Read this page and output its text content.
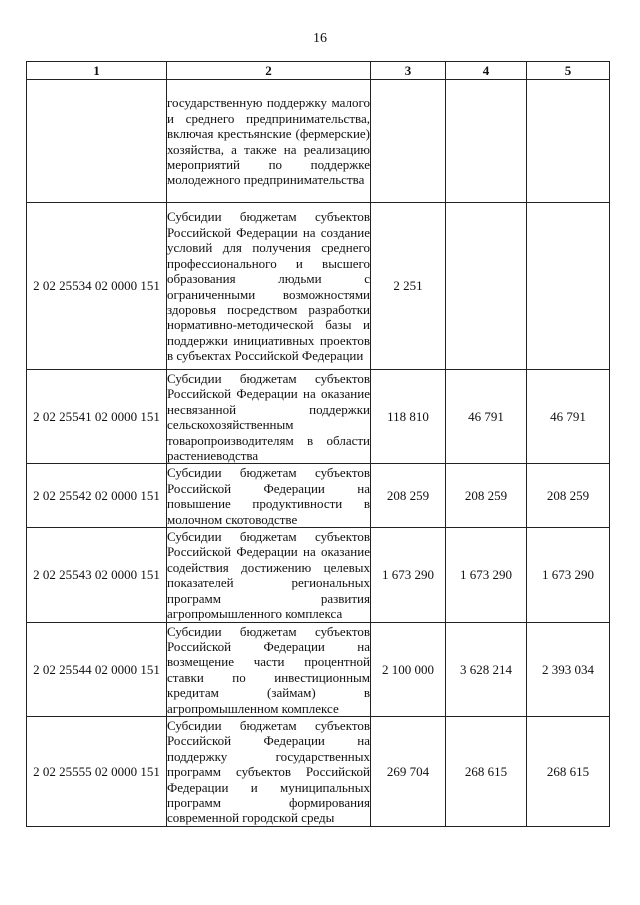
16
1	2	3	4	5

	государственную поддержку малого и среднего предпринимательства, включая крестьянские (фермерские) хозяйства, а также на реализацию мероприятий по поддержке молодежного предпринимательства			

2 02 25534 02 0000 151	Субсидии бюджетам субъектов Российской Федерации на создание условий для получения среднего профессионального и высшего образования людьми с ограниченными возможностями здоровья посредством разработки нормативно-методической базы и поддержки инициативных проектов в субъектах Российской Федерации	2 251		
2 02 25541 02 0000 151	Субсидии бюджетам субъектов Российской Федерации на оказание несвязанной поддержки сельскохозяйственным товаропроизводителям в области растениеводства	118 810	46 791	46 791
2 02 25542 02 0000 151	Субсидии бюджетам субъектов Российской Федерации на повышение продуктивности в молочном скотоводстве	208 259	208 259	208 259
2 02 25543 02 0000 151	Субсидии бюджетам субъектов Российской Федерации на оказание содействия достижению целевых показателей региональных программ развития агропромышленного комплекса	1 673 290	1 673 290	1 673 290
2 02 25544 02 0000 151	Субсидии бюджетам субъектов Российской Федерации на возмещение части процентной ставки по инвестиционным кредитам (займам) в агропромышленном комплексе	2 100 000	3 628 214	2 393 034
2 02 25555 02 0000 151	Субсидии бюджетам субъектов Российской Федерации на поддержку государственных программ субъектов Российской Федерации и муниципальных программ формирования современной городской среды	269 704	268 615	268 615
